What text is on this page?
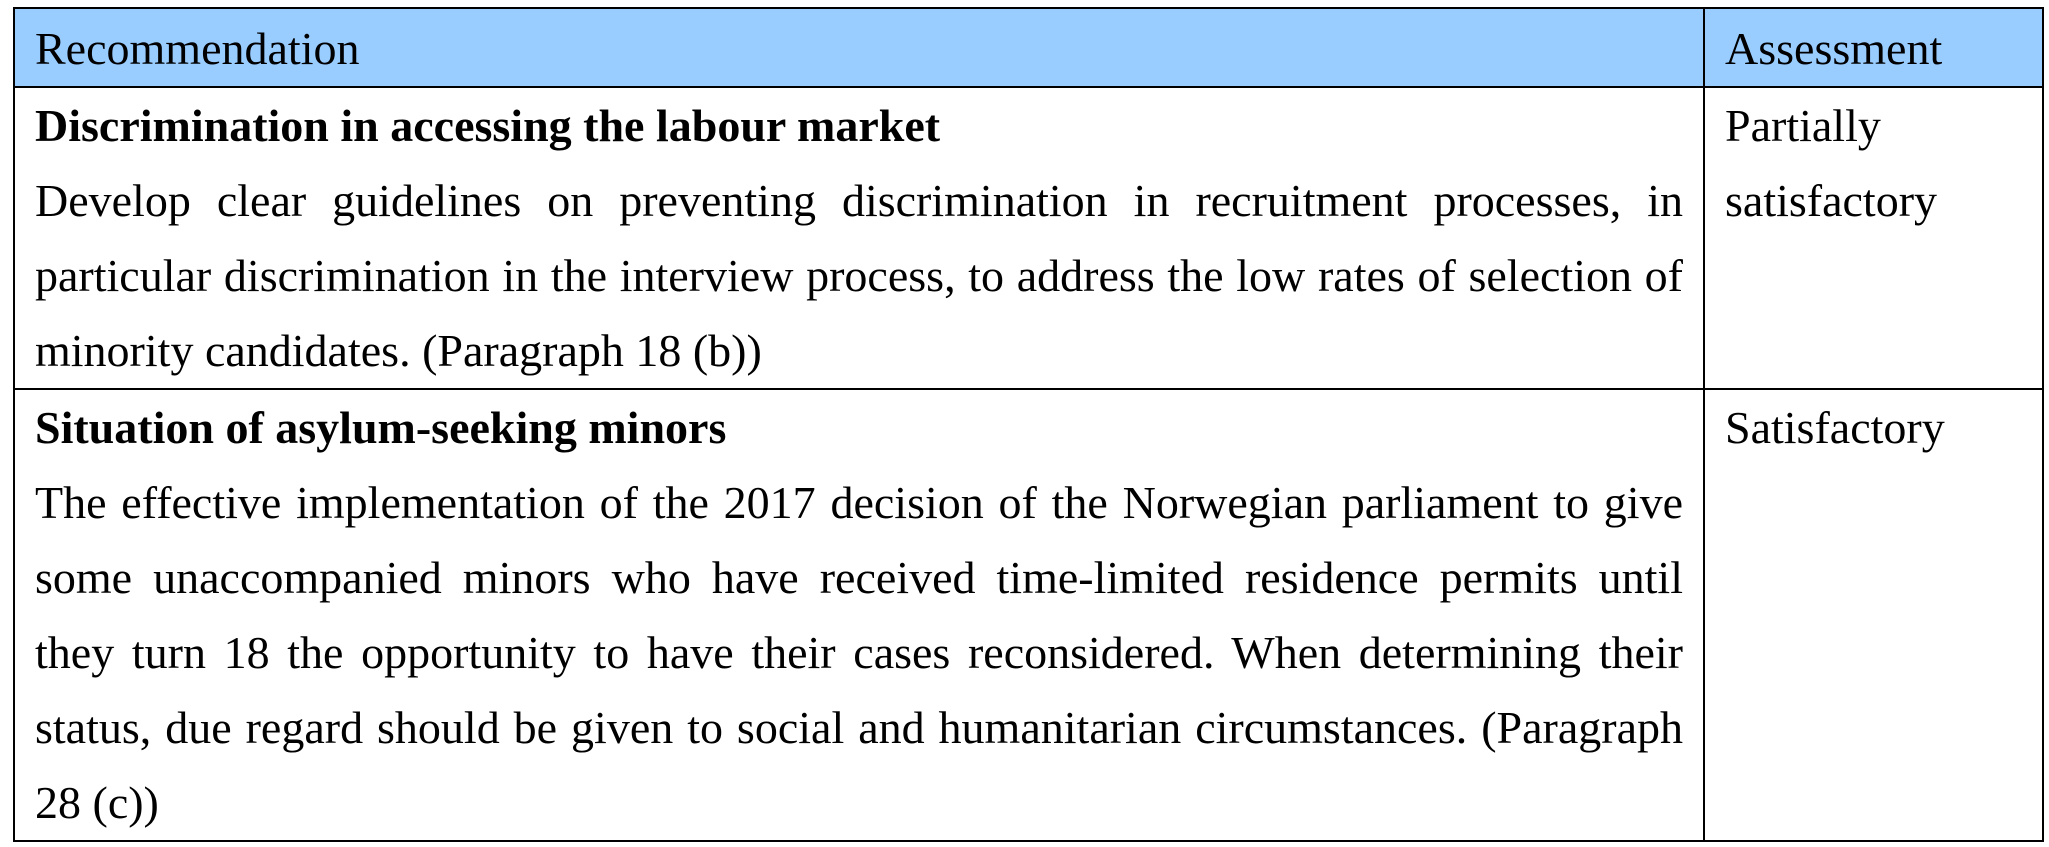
Recommendation	Assessment

Discrimination in accessing the labour market
Develop clear guidelines on preventing discrimination in recruitment processes, in particular discrimination in the interview process, to address the low rates of selection of minority candidates. (Paragraph 18 (b))	Partially satisfactory

Situation of asylum-seeking minors
The effective implementation of the 2017 decision of the Norwegian parliament to give some unaccompanied minors who have received time-limited residence permits until they turn 18 the opportunity to have their cases reconsidered. When determining their status, due regard should be given to social and humanitarian circumstances. (Paragraph 28 (c))	Satisfactory
